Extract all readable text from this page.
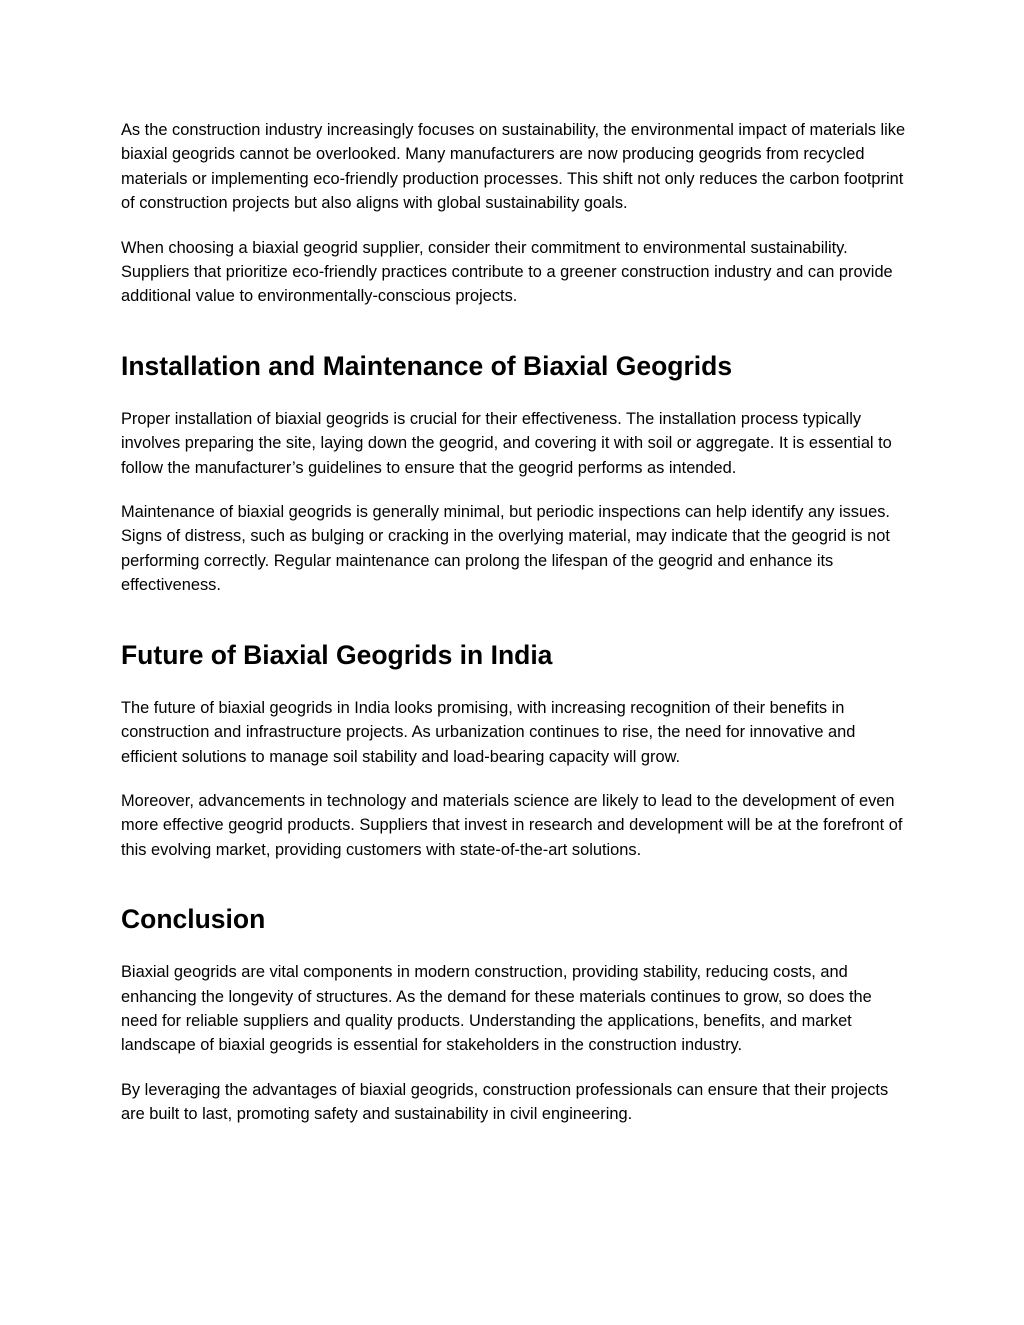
As the construction industry increasingly focuses on sustainability, the environmental impact of materials like biaxial geogrids cannot be overlooked. Many manufacturers are now producing geogrids from recycled materials or implementing eco-friendly production processes. This shift not only reduces the carbon footprint of construction projects but also aligns with global sustainability goals.

When choosing a biaxial geogrid supplier, consider their commitment to environmental sustainability. Suppliers that prioritize eco-friendly practices contribute to a greener construction industry and can provide additional value to environmentally-conscious projects.

Installation and Maintenance of Biaxial Geogrids

Proper installation of biaxial geogrids is crucial for their effectiveness. The installation process typically involves preparing the site, laying down the geogrid, and covering it with soil or aggregate. It is essential to follow the manufacturer’s guidelines to ensure that the geogrid performs as intended.

Maintenance of biaxial geogrids is generally minimal, but periodic inspections can help identify any issues. Signs of distress, such as bulging or cracking in the overlying material, may indicate that the geogrid is not performing correctly. Regular maintenance can prolong the lifespan of the geogrid and enhance its effectiveness.

Future of Biaxial Geogrids in India

The future of biaxial geogrids in India looks promising, with increasing recognition of their benefits in construction and infrastructure projects. As urbanization continues to rise, the need for innovative and efficient solutions to manage soil stability and load-bearing capacity will grow.

Moreover, advancements in technology and materials science are likely to lead to the development of even more effective geogrid products. Suppliers that invest in research and development will be at the forefront of this evolving market, providing customers with state-of-the-art solutions.

Conclusion

Biaxial geogrids are vital components in modern construction, providing stability, reducing costs, and enhancing the longevity of structures. As the demand for these materials continues to grow, so does the need for reliable suppliers and quality products. Understanding the applications, benefits, and market landscape of biaxial geogrids is essential for stakeholders in the construction industry.

By leveraging the advantages of biaxial geogrids, construction professionals can ensure that their projects are built to last, promoting safety and sustainability in civil engineering.
